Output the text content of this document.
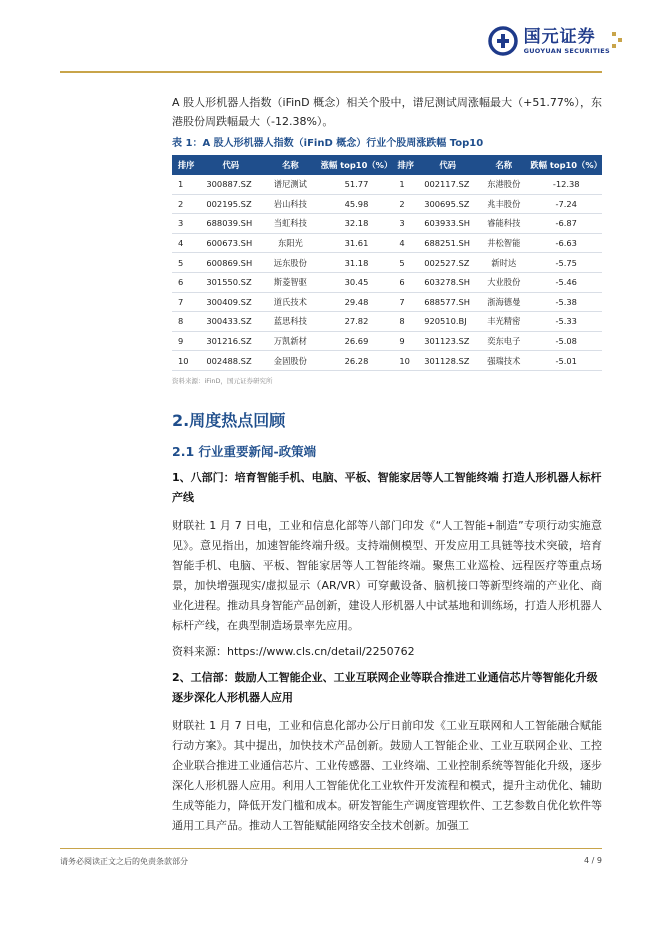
国元证券
GUOYUAN SECURITIES

A 股人形机器人指数（iFinD 概念）相关个股中，谱尼测试周涨幅最大（+51.77%），东港股份周跌幅最大（-12.38%）。

表 1：A 股人形机器人指数（iFinD 概念）行业个股周涨跌幅 Top10
排序	代码	名称	涨幅 top10（%）	排序	代码	名称	跌幅 top10（%）
1	300887.SZ	谱尼测试	51.77	1	002117.SZ	东港股份	-12.38
2	002195.SZ	岩山科技	45.98	2	300695.SZ	兆丰股份	-7.24
3	688039.SH	当虹科技	32.18	3	603933.SH	睿能科技	-6.87
4	600673.SH	东阳光	31.61	4	688251.SH	井松智能	-6.63
5	600869.SH	远东股份	31.18	5	002527.SZ	新时达	-5.75
6	301550.SZ	斯菱智驱	30.45	6	603278.SH	大业股份	-5.46
7	300409.SZ	道氏技术	29.48	7	688577.SH	浙海德曼	-5.38
8	300433.SZ	蓝思科技	27.82	8	920510.BJ	丰光精密	-5.33
9	301216.SZ	万凯新材	26.69	9	301123.SZ	奕东电子	-5.08
10	002488.SZ	金固股份	26.28	10	301128.SZ	强瑞技术	-5.01
资料来源：iFinD，国元证券研究所
2.周度热点回顾
2.1 行业重要新闻-政策端

1、八部门：培育智能手机、电脑、平板、智能家居等人工智能终端 打造人形机器人标杆产线

财联社 1 月 7 日电，工业和信息化部等八部门印发《“人工智能+制造”专项行动实施意见》。意见指出，加速智能终端升级。支持端侧模型、开发应用工具链等技术突破，培育智能手机、电脑、平板、智能家居等人工智能终端。聚焦工业巡检、远程医疗等重点场景，加快增强现实/虚拟显示（AR/VR）可穿戴设备、脑机接口等新型终端的产业化、商业化进程。推动具身智能产品创新，建设人形机器人中试基地和训练场，打造人形机器人标杆产线，在典型制造场景率先应用。

资料来源：https://www.cls.cn/detail/2250762

2、工信部：鼓励人工智能企业、工业互联网企业等联合推进工业通信芯片等智能化升级 逐步深化人形机器人应用

财联社 1 月 7 日电，工业和信息化部办公厅日前印发《工业互联网和人工智能融合赋能行动方案》。其中提出，加快技术产品创新。鼓励人工智能企业、工业互联网企业、工控企业联合推进工业通信芯片、工业传感器、工业终端、工业控制系统等智能化升级，逐步深化人形机器人应用。利用人工智能优化工业软件开发流程和模式，提升主动优化、辅助生成等能力，降低开发门槛和成本。研发智能生产调度管理软件、工艺参数自优化软件等通用工具产品。推动人工智能赋能网络安全技术创新。加强工

请务必阅读正文之后的免责条款部分	4 / 9
